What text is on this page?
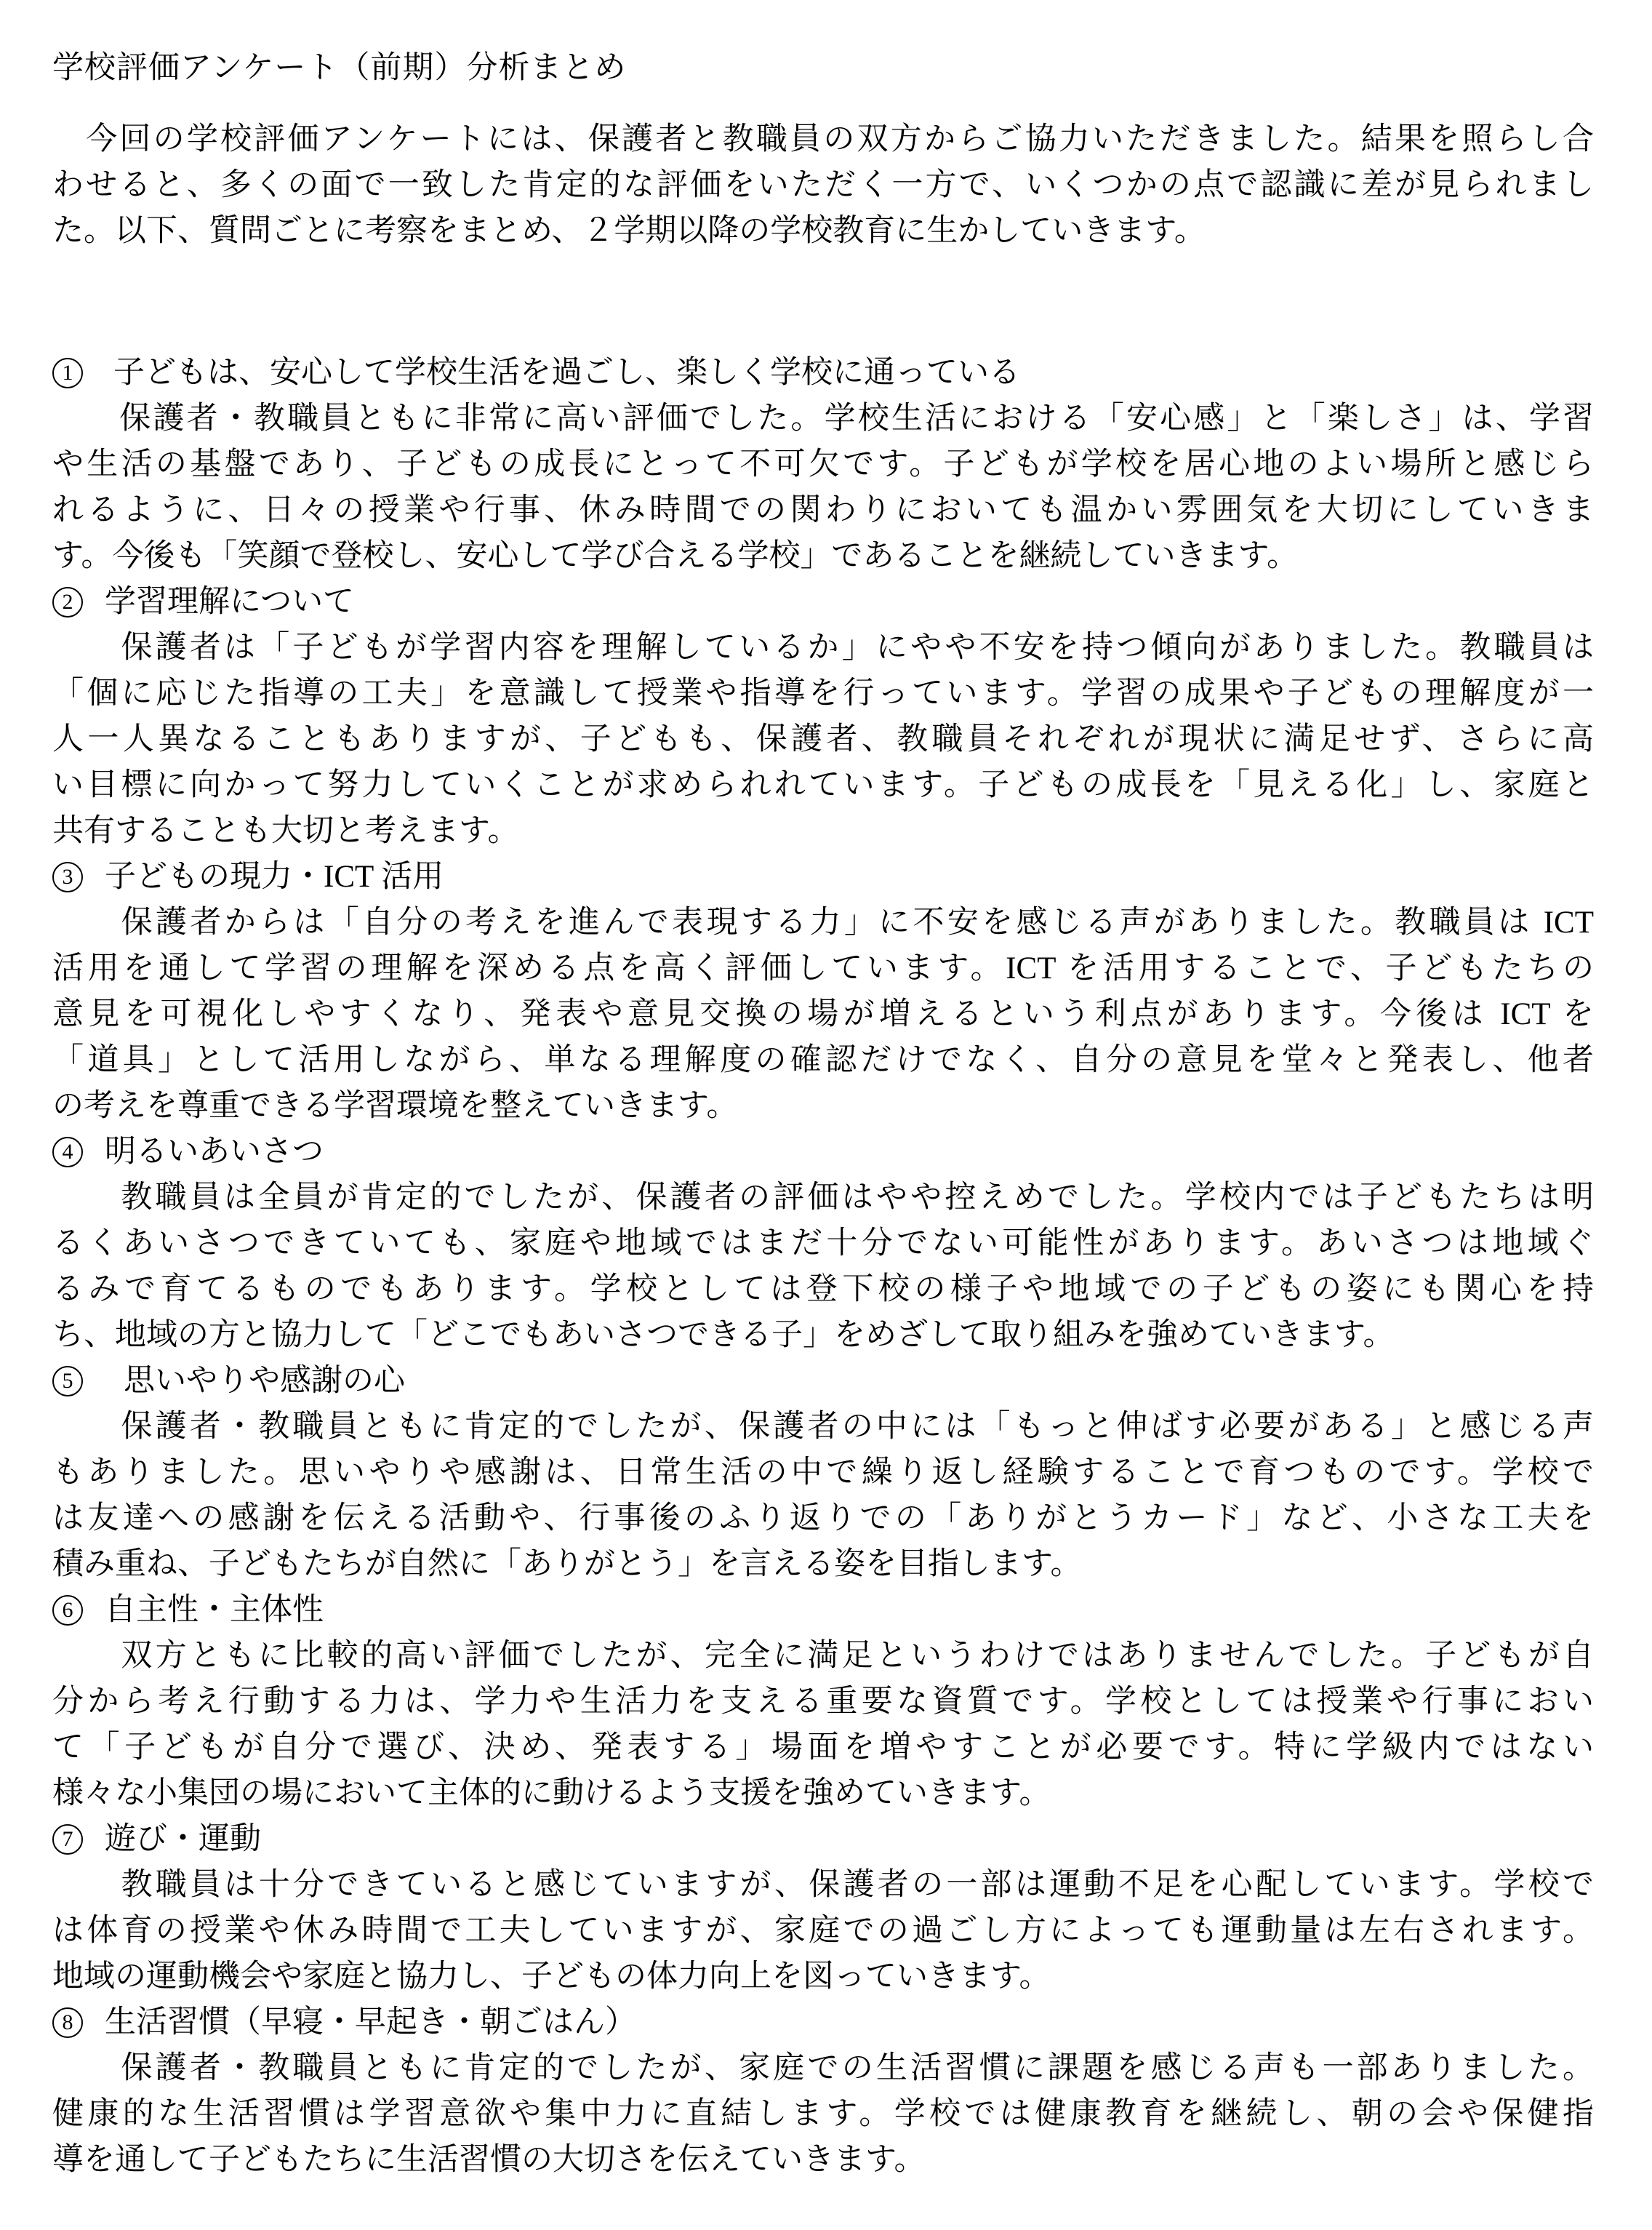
学校評価アンケート（前期）分析まとめ
　今回の学校評価アンケートには、保護者と教職員の双方からご協力いただきました。結果を照らし合
わせると、多くの面で一致した肯定的な評価をいただく一方で、いくつかの点で認識に差が見られまし
た。以下、質問ごとに考察をまとめ、２学期以降の学校教育に生かしていきます。
1 子どもは、安心して学校生活を過ごし、楽しく学校に通っている
　　保護者・教職員ともに非常に高い評価でした。学校生活における「安心感」と「楽しさ」は、学習
や生活の基盤であり、子どもの成長にとって不可欠です。子どもが学校を居心地のよい場所と感じら
れるように、日々の授業や行事、休み時間での関わりにおいても温かい雰囲気を大切にしていきま
す。今後も「笑顔で登校し、安心して学び合える学校」であることを継続していきます。
2 学習理解について
　　保護者は「子どもが学習内容を理解しているか」にやや不安を持つ傾向がありました。教職員は
「個に応じた指導の工夫」を意識して授業や指導を行っています。学習の成果や子どもの理解度が一
人一人異なることもありますが、子どもも、保護者、教職員それぞれが現状に満足せず、さらに高
い目標に向かって努力していくことが求められれています。子どもの成長を「見える化」し、家庭と
共有することも大切と考えます。
3 子どもの現力・ICT 活用
　　保護者からは「自分の考えを進んで表現する力」に不安を感じる声がありました。教職員は ICT
活用を通して学習の理解を深める点を高く評価しています。ICT を活用することで、子どもたちの
意見を可視化しやすくなり、発表や意見交換の場が増えるという利点があります。今後は ICT を
「道具」として活用しながら、単なる理解度の確認だけでなく、自分の意見を堂々と発表し、他者
の考えを尊重できる学習環境を整えていきます。
4 明るいあいさつ
　　教職員は全員が肯定的でしたが、保護者の評価はやや控えめでした。学校内では子どもたちは明
るくあいさつできていても、家庭や地域ではまだ十分でない可能性があります。あいさつは地域ぐ
るみで育てるものでもあります。学校としては登下校の様子や地域での子どもの姿にも関心を持
ち、地域の方と協力して「どこでもあいさつできる子」をめざして取り組みを強めていきます。
5 思いやりや感謝の心
　　保護者・教職員ともに肯定的でしたが、保護者の中には「もっと伸ばす必要がある」と感じる声
もありました。思いやりや感謝は、日常生活の中で繰り返し経験することで育つものです。学校で
は友達への感謝を伝える活動や、行事後のふり返りでの「ありがとうカード」など、小さな工夫を
積み重ね、子どもたちが自然に「ありがとう」を言える姿を目指します。
6 自主性・主体性
　　双方ともに比較的高い評価でしたが、完全に満足というわけではありませんでした。子どもが自
分から考え行動する力は、学力や生活力を支える重要な資質です。学校としては授業や行事におい
て「子どもが自分で選び、決め、発表する」場面を増やすことが必要です。特に学級内ではない
様々な小集団の場において主体的に動けるよう支援を強めていきます。
7 遊び・運動
　　教職員は十分できていると感じていますが、保護者の一部は運動不足を心配しています。学校で
は体育の授業や休み時間で工夫していますが、家庭での過ごし方によっても運動量は左右されます。
地域の運動機会や家庭と協力し、子どもの体力向上を図っていきます。
8 生活習慣（早寝・早起き・朝ごはん）
　　保護者・教職員ともに肯定的でしたが、家庭での生活習慣に課題を感じる声も一部ありました。
健康的な生活習慣は学習意欲や集中力に直結します。学校では健康教育を継続し、朝の会や保健指
導を通して子どもたちに生活習慣の大切さを伝えていきます。
